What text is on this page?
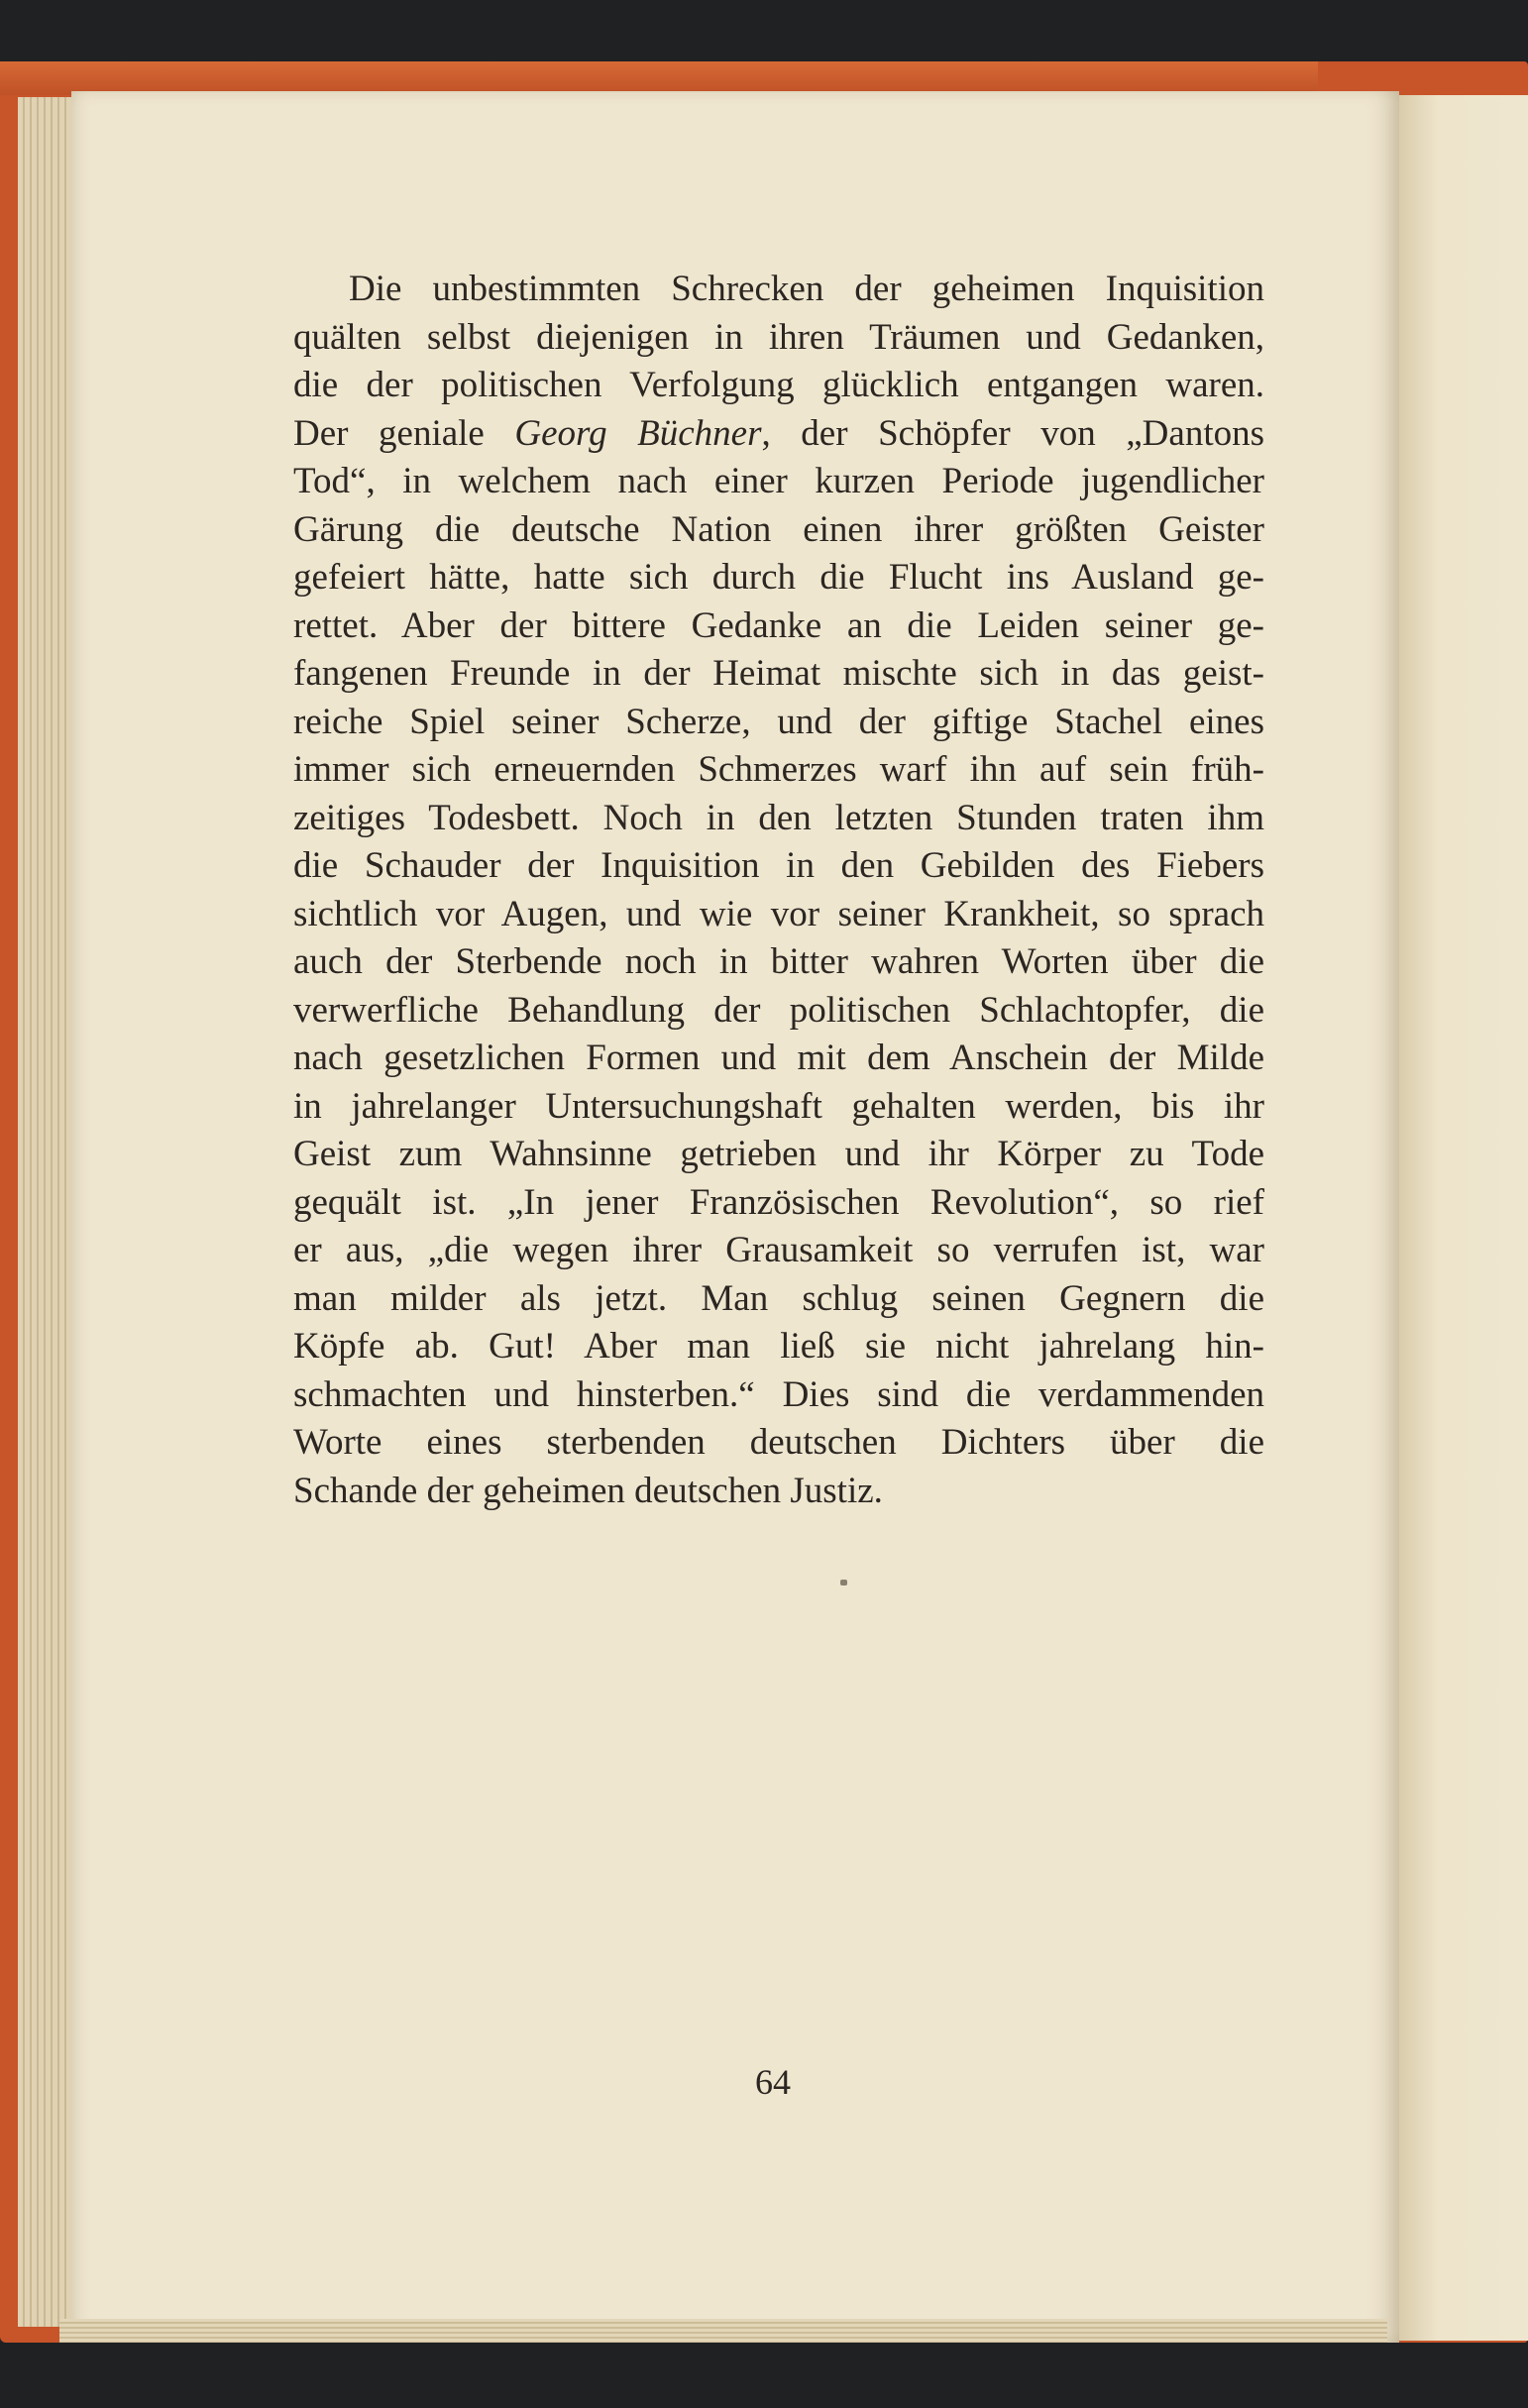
Die unbestimmten Schrecken der geheimen Inquisition
quälten selbst diejenigen in ihren Träumen und Gedanken,
die der politischen Verfolgung glücklich entgangen waren.
Der geniale Georg Büchner, der Schöpfer von „Dantons
Tod“, in welchem nach einer kurzen Periode jugendlicher
Gärung die deutsche Nation einen ihrer größten Geister
gefeiert hätte, hatte sich durch die Flucht ins Ausland ge-
rettet. Aber der bittere Gedanke an die Leiden seiner ge-
fangenen Freunde in der Heimat mischte sich in das geist-
reiche Spiel seiner Scherze, und der giftige Stachel eines
immer sich erneuernden Schmerzes warf ihn auf sein früh-
zeitiges Todesbett. Noch in den letzten Stunden traten ihm
die Schauder der Inquisition in den Gebilden des Fiebers
sichtlich vor Augen, und wie vor seiner Krankheit, so sprach
auch der Sterbende noch in bitter wahren Worten über die
verwerfliche Behandlung der politischen Schlachtopfer, die
nach gesetzlichen Formen und mit dem Anschein der Milde
in jahrelanger Untersuchungshaft gehalten werden, bis ihr
Geist zum Wahnsinne getrieben und ihr Körper zu Tode
gequält ist. „In jener Französischen Revolution“, so rief
er aus, „die wegen ihrer Grausamkeit so verrufen ist, war
man milder als jetzt. Man schlug seinen Gegnern die
Köpfe ab. Gut! Aber man ließ sie nicht jahrelang hin-
schmachten und hinsterben.“ Dies sind die verdammenden
Worte eines sterbenden deutschen Dichters über die
Schande der geheimen deutschen Justiz.
64
